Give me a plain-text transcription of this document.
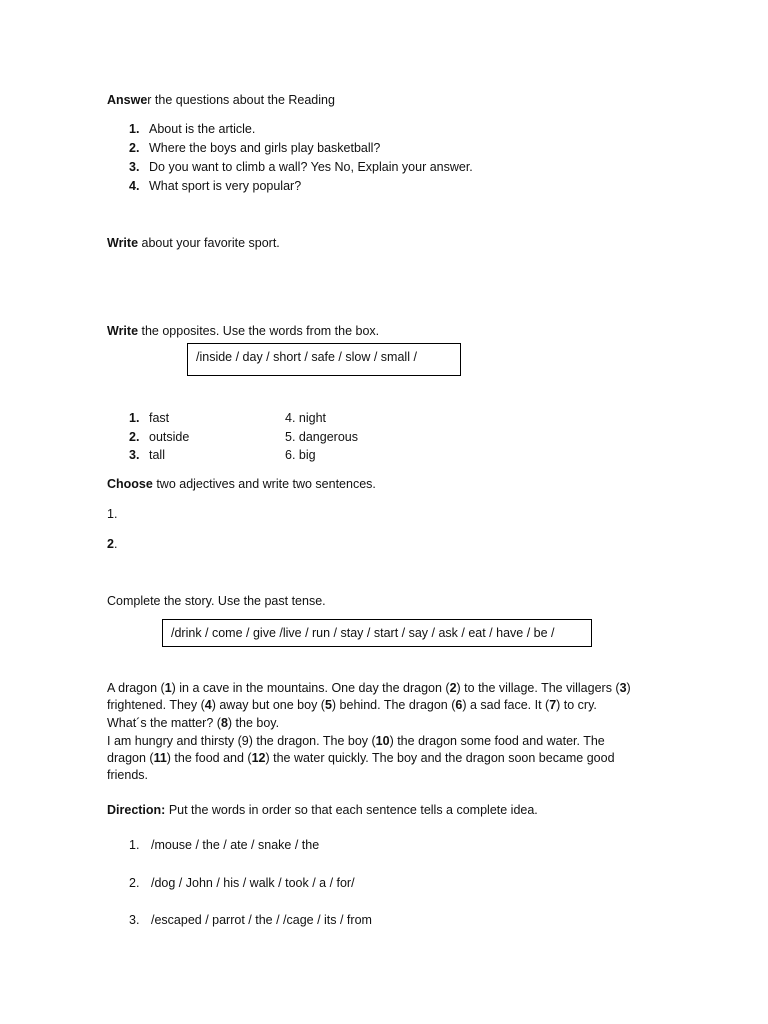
Answer the questions about the Reading
1. About is the article.
2. Where the boys and girls play basketball?
3. Do you want to climb a wall? Yes No, Explain your answer.
4. What sport is very popular?
Write about your favorite sport.
Write the opposites. Use the words from the box.
/inside / day / short / safe / slow / small /
1. fast
2. outside
3. tall
4. night
5. dangerous
6. big
Choose two adjectives and write two sentences.
1.
2.
Complete the story. Use the past tense.
/drink / come / give /live / run / stay / start / say / ask / eat / have / be /
A dragon (1) in a cave in the mountains. One day the dragon (2) to the village. The villagers (3)
frightened. They (4) away but one boy (5) behind. The dragon (6) a sad face. It (7) to cry.
What´s the matter? (8) the boy.
I am hungry and thirsty (9) the dragon. The boy (10) the dragon some food and water. The
dragon (11) the food and (12) the water quickly. The boy and the dragon soon became good
friends.
Direction: Put the words in order so that each sentence tells a complete idea.
1. /mouse / the / ate / snake / the
2. /dog / John / his / walk / took / a / for/
3. /escaped / parrot / the / /cage / its / from
